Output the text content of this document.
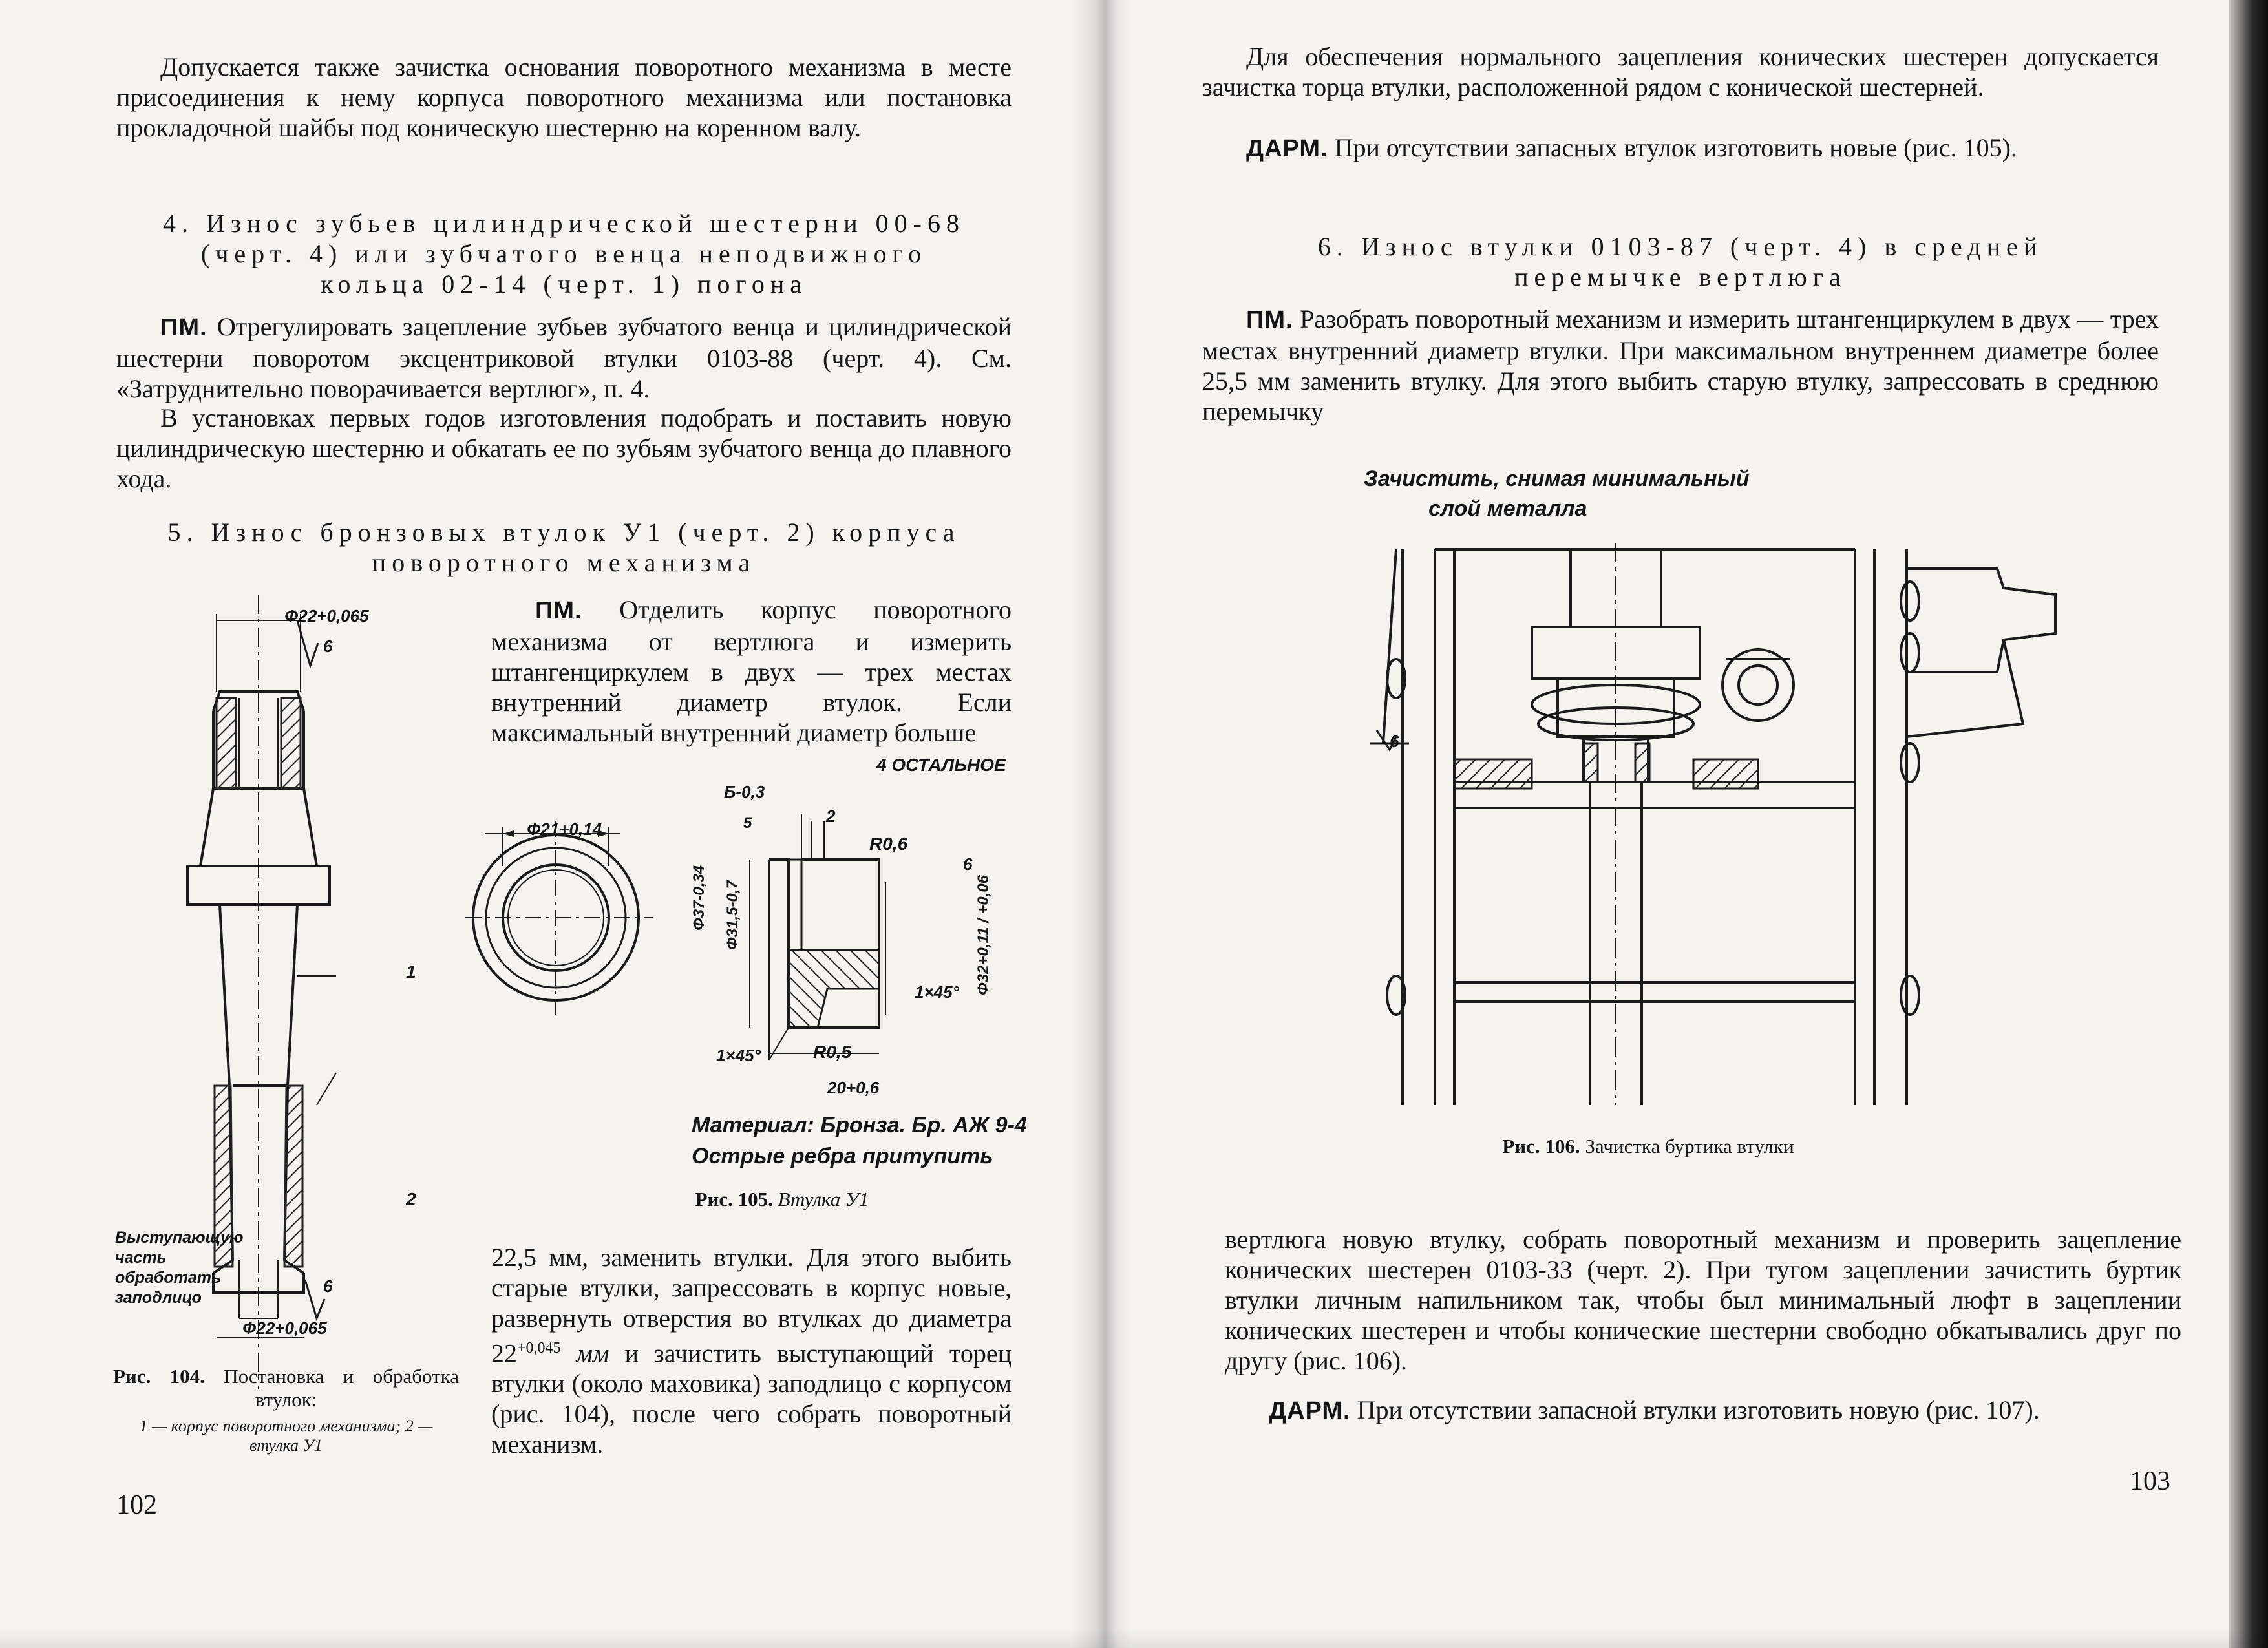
Допускается также зачистка основания поворотного механизма в месте присоединения к нему корпуса поворотного механизма или постановка прокладочной шайбы под коническую шестерню на коренном валу.
4. Износ зубьев цилиндрической шестерни 00-68
(черт. 4) или зубчатого венца неподвижного
кольца 02-14 (черт. 1) погона
ПМ. Отрегулировать зацепление зубьев зубчатого венца и цилиндрической шестерни поворотом эксцентриковой втулки 0103-88 (черт. 4). См. «Затруднительно поворачивается вертлюг», п. 4.
В установках первых годов изготовления подобрать и поставить новую цилиндрическую шестерню и обкатать ее по зубьям зубчатого венца до плавного хода.
5. Износ бронзовых втулок У1 (черт. 2) корпуса
поворотного механизма
ПМ. Отделить корпус поворотного механизма от вертлюга и измерить штангенциркулем в двух — трех местах внутренний диаметр втулок. Если максимальный внутренний диаметр больше
Φ22+0,065
6
1
2
6
Φ22+0,065
Выступающую часть обработать заподлицо
Рис. 104. Постановка и обработка втулок:
1 — корпус поворотного механизма; 2 — втулка У1
4 ОСТАЛЬНОЕ
Φ21+0,14
Б-0,3
5	2
R0,6
6
Φ37-0,34 Φ31,5-0,7	Φ32+0,11 / +0,06
1×45°
1×45°	R0,5
20+0,6
Материал: Бронза. Бр. АЖ 9-4
Острые ребра притупить
Рис. 105. Втулка У1
22,5 мм, заменить втулки. Для этого выбить старые втулки, запрессовать в корпус новые, развернуть отверстия во втулках до диаметра $22^{+0,045}$ мм и зачистить выступающий торец втулки (около маховика) заподлицо с корпусом (рис. 104), после чего собрать поворотный механизм.
102
Для обеспечения нормального зацепления конических шестерен допускается зачистка торца втулки, расположенной рядом с конической шестерней.
ДАРМ. При отсутствии запасных втулок изготовить новые (рис. 105).
6. Износ втулки 0103-87 (черт. 4) в средней
перемычке вертлюга
ПМ. Разобрать поворотный механизм и измерить штангенциркулем в двух — трех местах внутренний диаметр втулки. При максимальном внутреннем диаметре более 25,5 мм заменить втулку. Для этого выбить старую втулку, запрессовать в среднюю перемычку
Зачистить, снимая минимальный
слой металла
6
Рис. 106. Зачистка буртика втулки
вертлюга новую втулку, собрать поворотный механизм и проверить зацепление конических шестерен 0103-33 (черт. 2). При тугом зацеплении зачистить буртик втулки личным напильником так, чтобы был минимальный люфт в зацеплении конических шестерен и чтобы конические шестерни свободно обкатывались друг по другу (рис. 106).
ДАРМ. При отсутствии запасной втулки изготовить новую (рис. 107).
103
